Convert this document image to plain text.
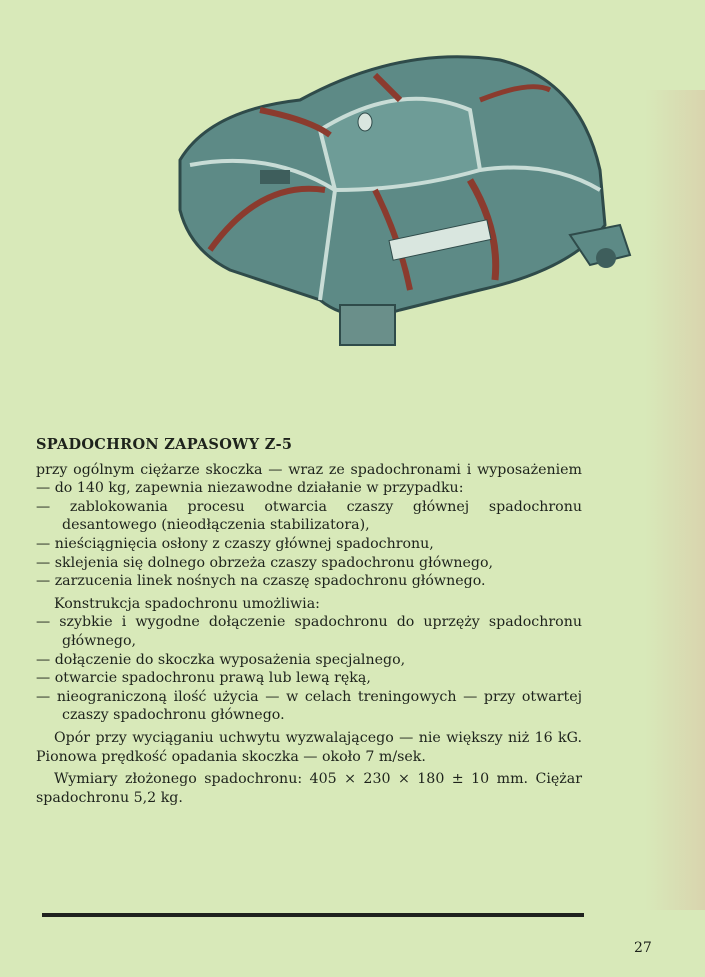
SPADOCHRON ZAPASOWY Z-5
przy ogólnym ciężarze skoczka — wraz ze spadochronami i wyposażeniem — do 140 kg, zapewnia niezawodne działanie w przypadku:
— zablokowania procesu otwarcia czaszy głównej spadochronu desantowego (nieodłączenia stabilizatora),
— nieściągnięcia osłony z czaszy głównej spadochronu,
— sklejenia się dolnego obrzeża czaszy spadochronu głównego,
— zarzucenia linek nośnych na czaszę spadochronu głównego.
Konstrukcja spadochronu umożliwia:
— szybkie i wygodne dołączenie spadochronu do uprzęży spadochronu głównego,
— dołączenie do skoczka wyposażenia specjalnego,
— otwarcie spadochronu prawą lub lewą ręką,
— nieograniczoną ilość użycia — w celach treningowych — przy otwartej czaszy spadochronu głównego.
Opór przy wyciąganiu uchwytu wyzwalającego — nie większy niż 16 kG. Pionowa prędkość opadania skoczka — około 7 m/sek.
Wymiary złożonego spadochronu: 405 × 230 × 180 ± 10 mm. Ciężar spadochronu 5,2 kg.
27
